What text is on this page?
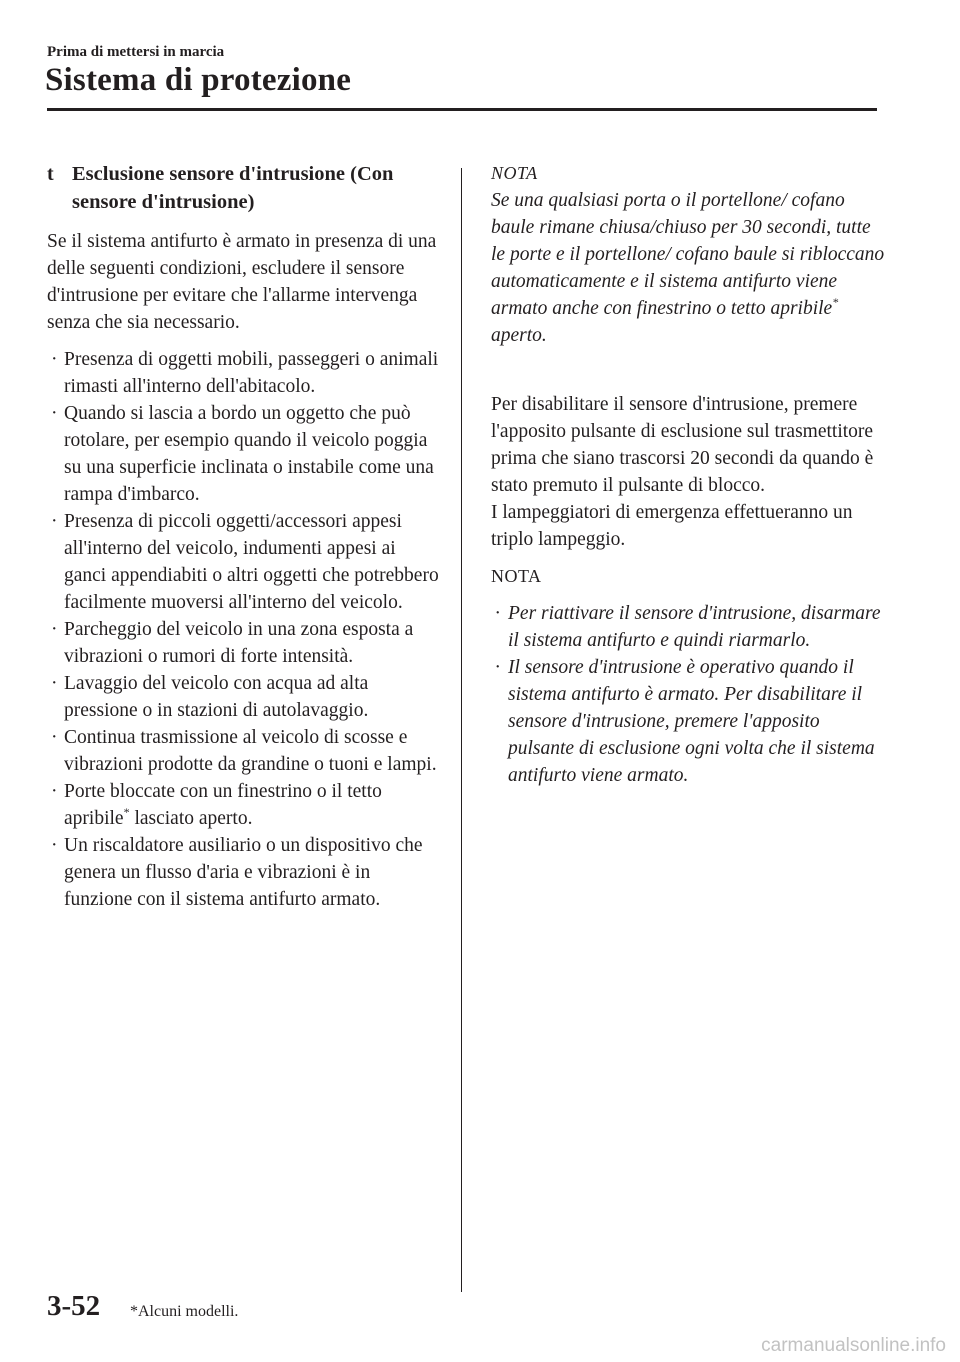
Prima di mettersi in marcia
Sistema di protezione
t Esclusione sensore d'intrusione (Con sensore d'intrusione)

Se il sistema antifurto è armato in presenza di una delle seguenti condizioni, escludere il sensore d'intrusione per evitare che l'allarme intervenga senza che sia necessario.

· Presenza di oggetti mobili, passeggeri o animali rimasti all'interno dell'abitacolo.
· Quando si lascia a bordo un oggetto che può rotolare, per esempio quando il veicolo poggia su una superficie inclinata o instabile come una rampa d'imbarco.
· Presenza di piccoli oggetti/accessori appesi all'interno del veicolo, indumenti appesi ai ganci appendiabiti o altri oggetti che potrebbero facilmente muoversi all'interno del veicolo.
· Parcheggio del veicolo in una zona esposta a vibrazioni o rumori di forte intensità.
· Lavaggio del veicolo con acqua ad alta pressione o in stazioni di autolavaggio.
· Continua trasmissione al veicolo di scosse e vibrazioni prodotte da grandine o tuoni e lampi.
· Porte bloccate con un finestrino o il tetto apribile* lasciato aperto.
· Un riscaldatore ausiliario o un dispositivo che genera un flusso d'aria e vibrazioni è in funzione con il sistema antifurto armato.
NOTA

Se una qualsiasi porta o il portellone/ cofano baule rimane chiusa/chiuso per 30 secondi, tutte le porte e il portellone/ cofano baule si ribloccano automaticamente e il sistema antifurto viene armato anche con finestrino o tetto apribile* aperto.

Per disabilitare il sensore d'intrusione, premere l'apposito pulsante di esclusione sul trasmettitore prima che siano trascorsi 20 secondi da quando è stato premuto il pulsante di blocco.

I lampeggiatori di emergenza effettueranno un triplo lampeggio.

NOTA
· Per riattivare il sensore d'intrusione, disarmare il sistema antifurto e quindi riarmarlo.
· Il sensore d'intrusione è operativo quando il sistema antifurto è armato. Per disabilitare il sensore d'intrusione, premere l'apposito pulsante di esclusione ogni volta che il sistema antifurto viene armato.
3-52 *Alcuni modelli.
carmanualsonline.info
